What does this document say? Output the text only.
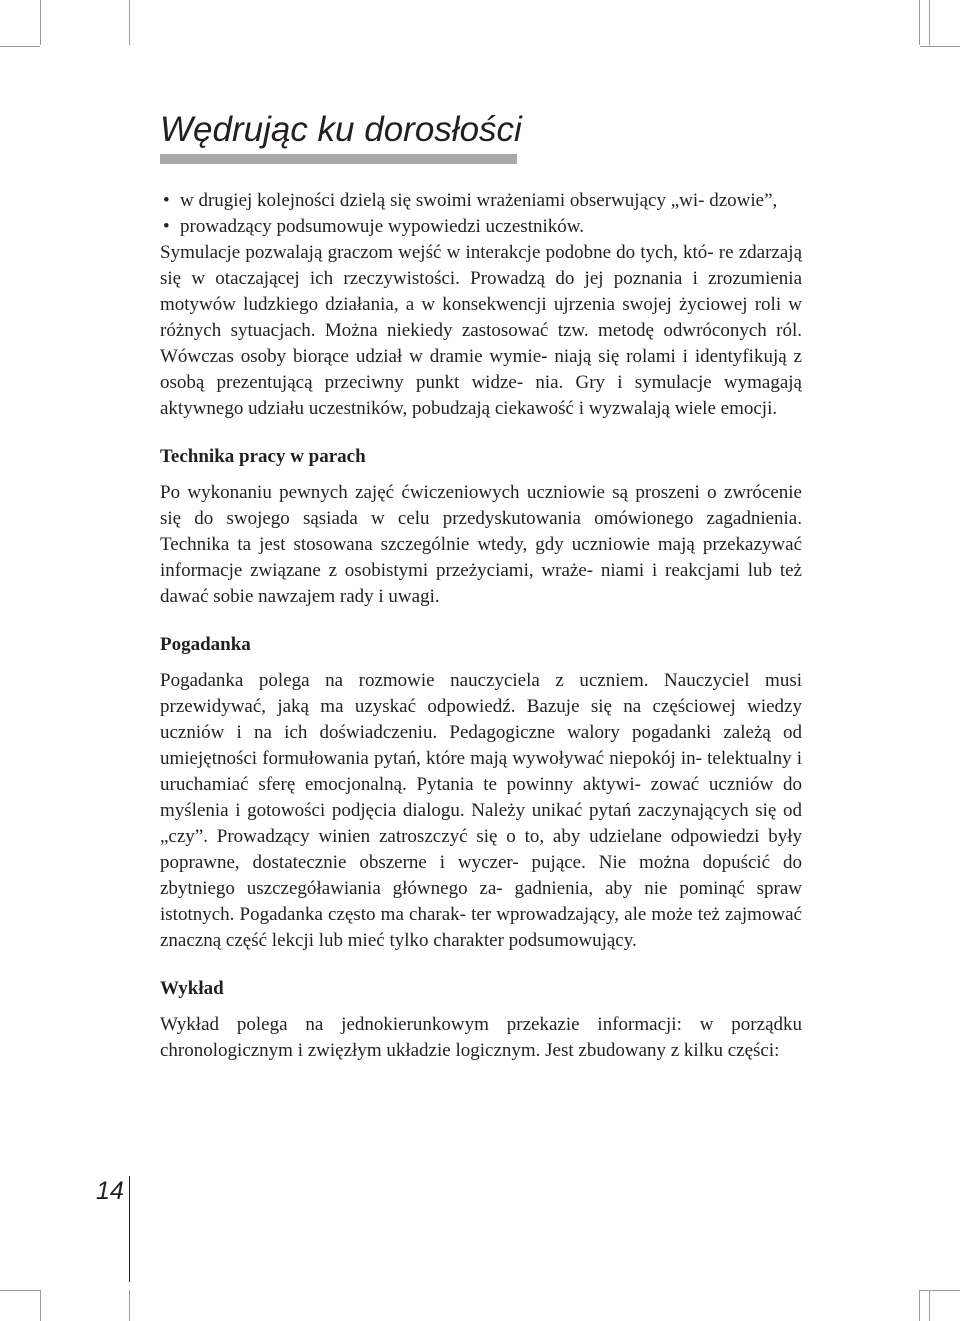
Wędrując ku dorosłości
• w drugiej kolejności dzielą się swoimi wrażeniami obserwujący „wi- dzowie”,
• prowadzący podsumowuje wypowiedzi uczestników.

Symulacje pozwalają graczom wejść w interakcje podobne do tych, któ- re zdarzają się w otaczającej ich rzeczywistości. Prowadzą do jej poznania i zrozumienia motywów ludzkiego działania, a w konsekwencji ujrzenia swojej życiowej roli w różnych sytuacjach. Można niekiedy zastosować tzw. metodę odwróconych ról. Wówczas osoby biorące udział w dramie wymie- niają się rolami i identyfikują z osobą prezentującą przeciwny punkt widze- nia. Gry i symulacje wymagają aktywnego udziału uczestników, pobudzają ciekawość i wyzwalają wiele emocji.

Technika pracy w parach

Po wykonaniu pewnych zajęć ćwiczeniowych uczniowie są proszeni o zwrócenie się do swojego sąsiada w celu przedyskutowania omówionego zagadnienia. Technika ta jest stosowana szczególnie wtedy, gdy uczniowie mają przekazywać informacje związane z osobistymi przeżyciami, wraże- niami i reakcjami lub też dawać sobie nawzajem rady i uwagi.

Pogadanka

Pogadanka polega na rozmowie nauczyciela z uczniem. Nauczyciel musi przewidywać, jaką ma uzyskać odpowiedź. Bazuje się na częściowej wiedzy uczniów i na ich doświadczeniu. Pedagogiczne walory pogadanki zależą od umiejętności formułowania pytań, które mają wywoływać niepokój in- telektualny i uruchamiać sferę emocjonalną. Pytania te powinny aktywi- zować uczniów do myślenia i gotowości podjęcia dialogu. Należy unikać pytań zaczynających się od „czy”. Prowadzący winien zatroszczyć się o to, aby udzielane odpowiedzi były poprawne, dostatecznie obszerne i wyczer- pujące. Nie można dopuścić do zbytniego uszczegóławiania głównego za- gadnienia, aby nie pominąć spraw istotnych. Pogadanka często ma charak- ter wprowadzający, ale może też zajmować znaczną część lekcji lub mieć tylko charakter podsumowujący.

Wykład

Wykład polega na jednokierunkowym przekazie informacji: w porządku chronologicznym i zwięzłym układzie logicznym. Jest zbudowany z kilku części:

14
